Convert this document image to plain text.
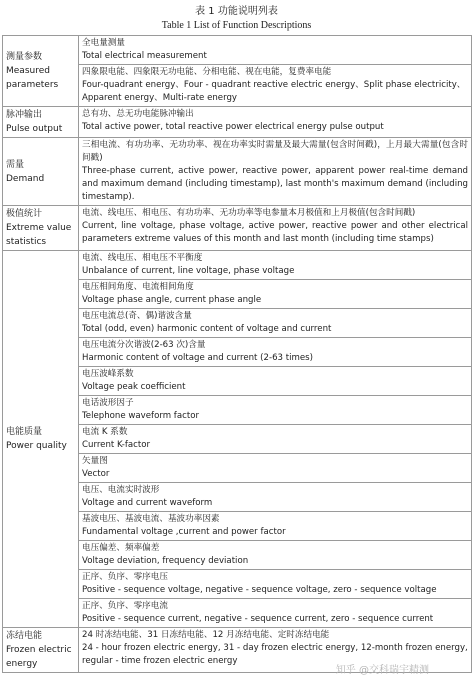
表 1 功能说明列表
Table 1 List of Function Descriptions
测量参数
Measured parameters	全电量测量
Total electrical measurement

	四象限电能、四象限无功电能、分相电能、视在电能，复费率电能
Four-quadrant energy、Four - quadrant reactive electric energy、Split phase electricity、Apparent energy、Multi-rate energy

脉冲输出
Pulse output	总有功、总无功电能脉冲输出
Total active power, total reactive power electrical energy pulse output

需量
Demand	三相电流、有功功率、无功功率、视在功率实时需量及最大需量(包含时间戳)，上月最大需量(包含时间戳)
Three-phase current, active power, reactive power, apparent power real-time demand and maximum demand (including timestamp), last month's maximum demand (including timestamp).

极值统计
Extreme value statistics	电流、线电压、相电压、有功功率、无功功率等电参量本月极值和上月极值(包含时间戳)
Current, line voltage, phase voltage, active power, reactive power and other electrical parameters extreme values of this month and last month (including time stamps)

电能质量
Power quality	电流、线电压、相电压不平衡度
Unbalance of current, line voltage, phase voltage

	电压相间角度、电流相间角度
Voltage phase angle, current phase angle

	电压电流总(奇、偶)谐波含量
Total (odd, even) harmonic content of voltage and current

	电压电流分次谐波(2-63 次)含量
Harmonic content of voltage and current (2-63 times)

	电压波峰系数
Voltage peak coefficient

	电话波形因子
Telephone waveform factor

	电流 K 系数
Current K-factor

	矢量图
Vector

	电压、电流实时波形
Voltage and current waveform

	基波电压、基波电流、基波功率因素
Fundamental voltage ,current and power factor

	电压偏差、频率偏差
Voltage deviation, frequency deviation

	正序、负序、零序电压
Positive - sequence voltage, negative - sequence voltage, zero - sequence voltage

	正序、负序、零序电流
Positive - sequence current, negative - sequence current, zero - sequence current

冻结电能
Frozen electric energy	24 时冻结电能、31 日冻结电能、12 月冻结电能、定时冻结电能
24 - hour frozen electric energy, 31 - day frozen electric energy, 12-month frozen energy, regular - time frozen electric energy
知乎 @交科瑞宇精测
